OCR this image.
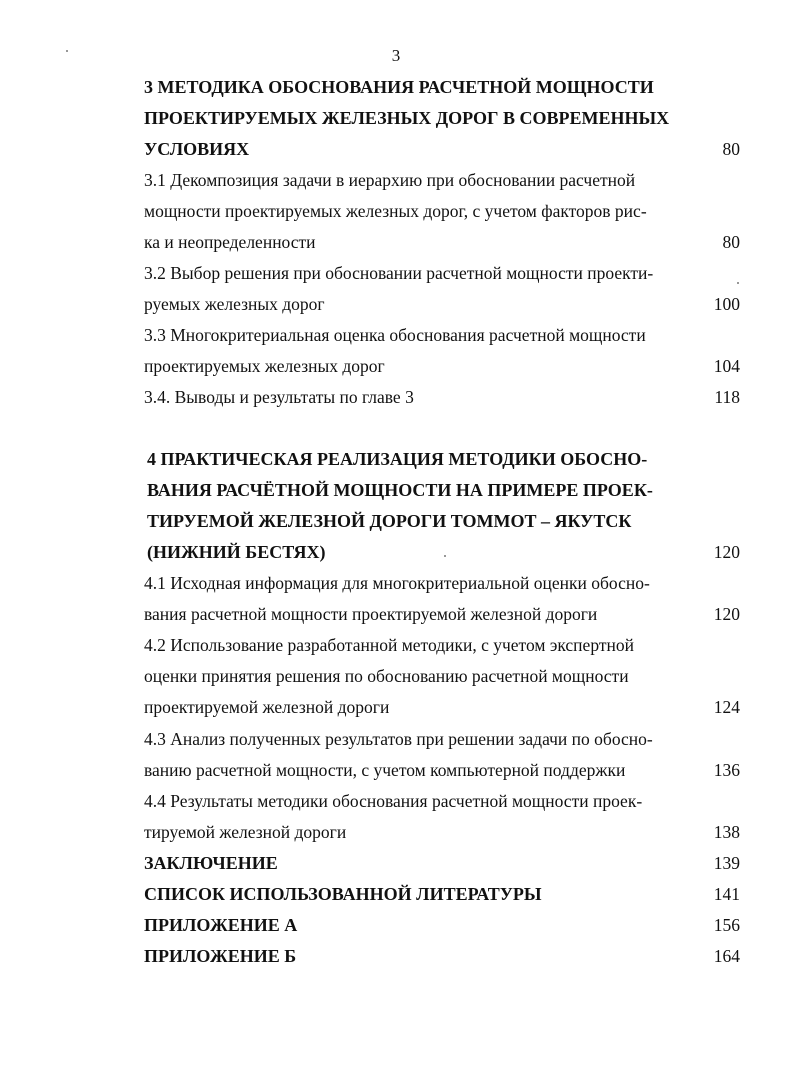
3
3 МЕТОДИКА ОБОСНОВАНИЯ РАСЧЕТНОЙ МОЩНОСТИ
ПРОЕКТИРУЕМЫХ ЖЕЛЕЗНЫХ ДОРОГ В СОВРЕМЕННЫХ
УСЛОВИЯХ	80
3.1 Декомпозиция задачи в иерархию при обосновании расчетной
мощности проектируемых железных дорог, с учетом факторов рис-
ка и неопределенности	80
3.2 Выбор решения при обосновании расчетной мощности проекти-
руемых железных дорог	100
3.3 Многокритериальная оценка обоснования расчетной мощности
проектируемых железных дорог	104
3.4. Выводы и результаты по главе 3	118
4 ПРАКТИЧЕСКАЯ РЕАЛИЗАЦИЯ МЕТОДИКИ ОБОСНО-
ВАНИЯ РАСЧЁТНОЙ МОЩНОСТИ НА ПРИМЕРЕ ПРОЕК-
ТИРУЕМОЙ ЖЕЛЕЗНОЙ ДОРОГИ ТОММОТ – ЯКУТСК
(НИЖНИЙ БЕСТЯХ)	120
4.1 Исходная информация для многокритериальной оценки обосно-
вания расчетной мощности проектируемой железной дороги	120
4.2 Использование разработанной методики, с учетом экспертной
оценки принятия решения по обоснованию расчетной мощности
проектируемой железной дороги	124
4.3 Анализ полученных результатов при решении задачи по обосно-
ванию расчетной мощности, с учетом компьютерной поддержки	136
4.4 Результаты методики обоснования расчетной мощности проек-
тируемой железной дороги	138
ЗАКЛЮЧЕНИЕ	139
СПИСОК ИСПОЛЬЗОВАННОЙ ЛИТЕРАТУРЫ	141
ПРИЛОЖЕНИЕ А	156
ПРИЛОЖЕНИЕ Б	164
